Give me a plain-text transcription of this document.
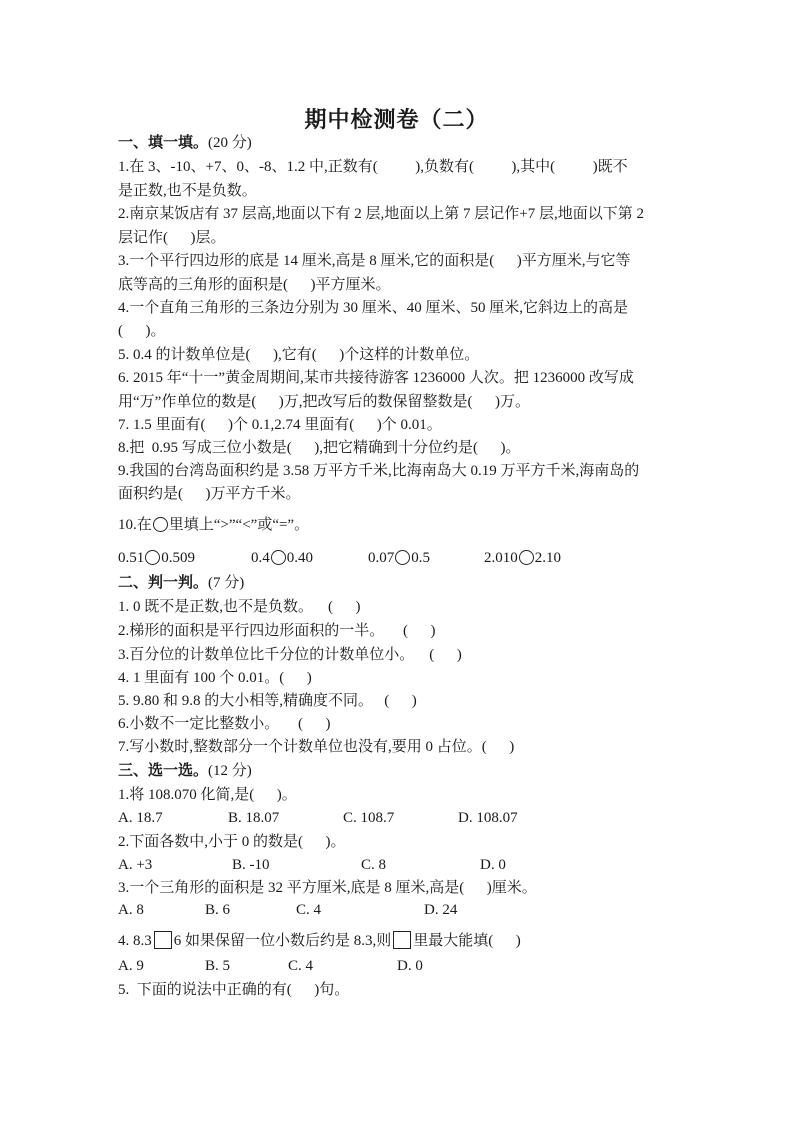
期中检测卷（二）
一、填一填。(20 分)
1.在 3、-10、+7、0、-8、1.2 中,正数有(          ),负数有(          ),其中(          )既不
是正数,也不是负数。
2.南京某饭店有 37 层高,地面以下有 2 层,地面以上第 7 层记作+7 层,地面以下第 2
层记作(      )层。
3.一个平行四边形的底是 14 厘米,高是 8 厘米,它的面积是(      )平方厘米,与它等
底等高的三角形的面积是(      )平方厘米。
4.一个直角三角形的三条边分别为 30 厘米、40 厘米、50 厘米,它斜边上的高是
(      )。
5. 0.4 的计数单位是(      ),它有(      )个这样的计数单位。
6. 2015 年“十一”黄金周期间,某市共接待游客 1236000 人次。把 1236000 改写成
用“万”作单位的数是(      )万,把改写后的数保留整数是(      )万。
7. 1.5 里面有(      )个 0.1,2.74 里面有(      )个 0.01。
8.把  0.95 写成三位小数是(      ),把它精确到十分位约是(      )。
9.我国的台湾岛面积约是 3.58 万平方千米,比海南岛大 0.19 万平方千米,海南岛的
面积约是(      )万平方千米。
10.在 里填上“>”“<”或“=”。
0.51 0.509	0.4 0.40	0.07 0.5	2.010 2.10
二、判一判。(7 分)
1. 0 既不是正数,也不是负数。    (      )
2.梯形的面积是平行四边形面积的一半。     (      )
3.百分位的计数单位比千分位的计数单位小。    (      )
4. 1 里面有 100 个 0.01。(      )
5. 9.80 和 9.8 的大小相等,精确度不同。   (      )
6.小数不一定比整数小。     (      )
7.写小数时,整数部分一个计数单位也没有,要用 0 占位。(      )
三、选一选。(12 分)
1.将 108.070 化简,是(      )。
A. 18.7	B. 18.07	C. 108.7	D. 108.07
2.下面各数中,小于 0 的数是(      )。
A. +3	B. -10	C. 8	D. 0
3.一个三角形的面积是 32 平方厘米,底是 8 厘米,高是(      )厘米。
A. 8	B. 6	C. 4	D. 24
4. 8.3 6 如果保留一位小数后约是 8.3,则 里最大能填(      )
A. 9	B. 5	C. 4	D. 0
5.  下面的说法中正确的有(      )句。
